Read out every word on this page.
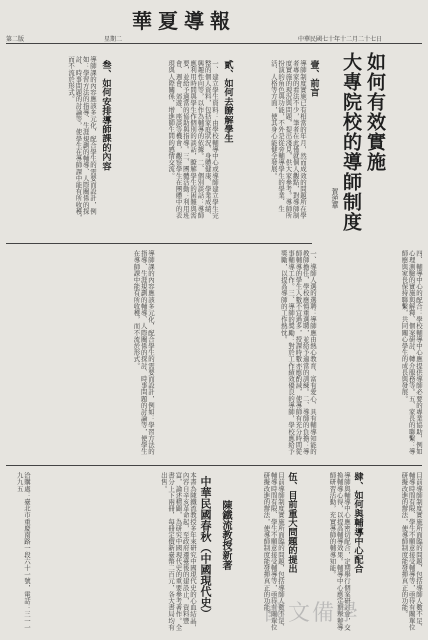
第二版	星期二
華夏導報
中華民國七十年十二月二十七日
如何有效實施
大專院校的導師制度
賀逆華
壹、前言
導師制度實施已有相當的年月，然而成效的問題所在學者專家的看法不少，筆者在此僅就個人觀點，對導師制度實施的現況與問題，提出淺見，供大家參考。導師所扮演的角色與功能，不外是從旁輔導學生的學業、生活、人格等方面，使其身心能健全發展。
貳、如何去瞭解學生
一、建立學生資料：由學校輔導中心或導師建立學生完整的個人資料，包括家庭狀況、身體健康、學業成績、興趣性向等，以作為輔導的依據。二、個別談話：導師應利用時間與學生作個別的談話，瞭解學生的困難與需要，並給予適當的協助與指導。三、團體活動：利用班會、週會、郊遊、座談等機會，觀察學生在團體中的表現與人際關係，增進師生間的感情交流。
叁、如何安排導師課的內容
導師課的內容應該多元化，配合學生的需要而設計，例如：學習方法的指導、生涯規劃的輔導、人際關係的探討、時事問題的討論等，使學生在導師課中能有所收穫，而不流於形式。
四、輔導中心的配合：學校輔導中心應提供導師必要的專業協助，例如心理測驗的實施與解釋、個案研討、轉介服務等。五、家長的聯繫：導師應與家長保持聯繫，共同關心學生的成長與發展。
一、導師人選的選聘：導師應由熱心教育、富有愛心、具有輔導知能的教師擔任，學校應慎重選聘，並給予適當的訓練。二、導師的負擔：導師輔導的學生人數不宜過多，授課時數亦應酌減，使導師有充分時間從事輔導工作。三、導師的獎勵：對於工作績效優良的導師，學校應給予獎勵，以提高導師的工作熱忱。
導師課的內容應該多元化，配合學生的需要而設計，例如：學習方法的指導、生涯規劃的輔導、人際關係的探討、時事問題的討論等，使學生在導師課中能有所收穫，而不流於形式。
目前導師制度實施所面臨的問題，包括導師人數不足、輔導時間有限、學生不願意接受輔導等，亟待有關單位研擬改進的辦法，使導師制度能發揮真正的功能。
肆、如何與輔導中心配合
導師與輔導中心應密切配合，定期舉行個案研討會，交換輔導心得，以提高輔導效果。輔導中心應定期舉辦導師研習活動，充實導師的輔導知能。
伍、目前重大問題的提出
目前導師制度實施所面臨的問題，包括導師人數不足、輔導時間有限、學生不願意接受輔導等，亟待有關單位研擬改進的辦法，使導師制度能發揮真正的功能。
陳鐵流教授新著
中華民國春秋（中國現代史）
本書為陳鐵流教授多年來研究中國現代史的心血結晶，內容自辛亥革命起，至政府遷臺後的建設止，資料豐富，論述精闢，為研究中國現代史的重要參考著作。全書分上下兩冊，每冊定價新臺幣二百元，各大書局均有出售。
洽購處：臺北市重慶南路一段六十一號，電話：三一一九九五
國文備學
